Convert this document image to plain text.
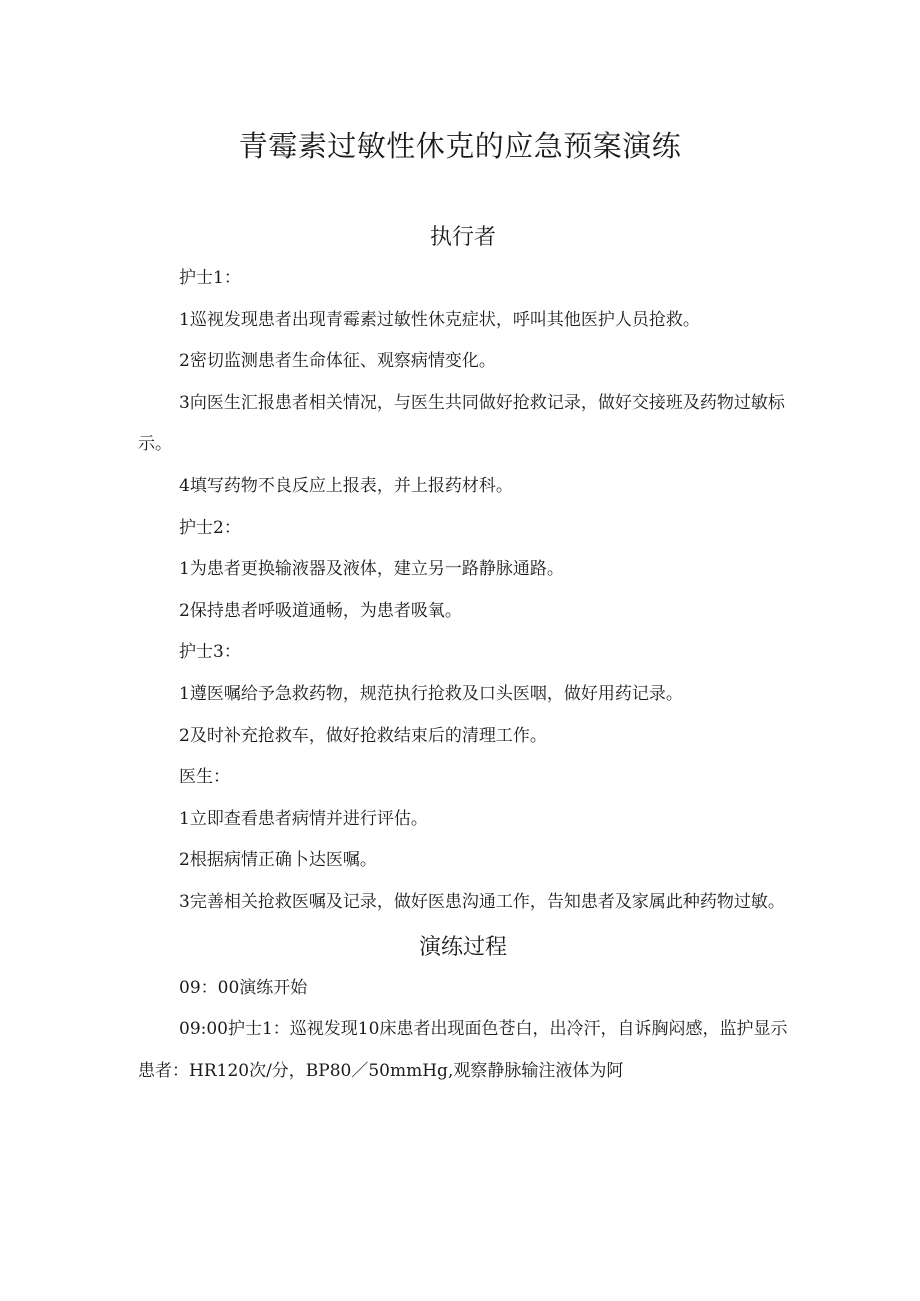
青霉素过敏性休克的应急预案演练
执行者

护士1：

1巡视发现患者出现青霉素过敏性休克症状，呼叫其他医护人员抢救。

2密切监测患者生命体征、观察病情变化。

3向医生汇报患者相关情况，与医生共同做好抢救记录，做好交接班及药物过敏标示。

4填写药物不良反应上报表，并上报药材科。

护士2：

1为患者更换输液器及液体，建立另一路静脉通路。

2保持患者呼吸道通畅，为患者吸氧。

护士3：

1遵医嘱给予急救药物，规范执行抢救及口头医咽，做好用药记录。

2及时补充抢救车，做好抢救结束后的清理工作。

医生：

1立即查看患者病情并进行评估。

2根据病情正确卜达医嘱。

3完善相关抢救医嘱及记录，做好医患沟通工作，告知患者及家属此种药物过敏。

演练过程

09：00演练开始

09:00护士1：巡视发现10床患者出现面色苍白，出冷汗，自诉胸闷感，监护显示患者：HR120次/分，BP80／50mmHg,观察静脉输注液体为阿
